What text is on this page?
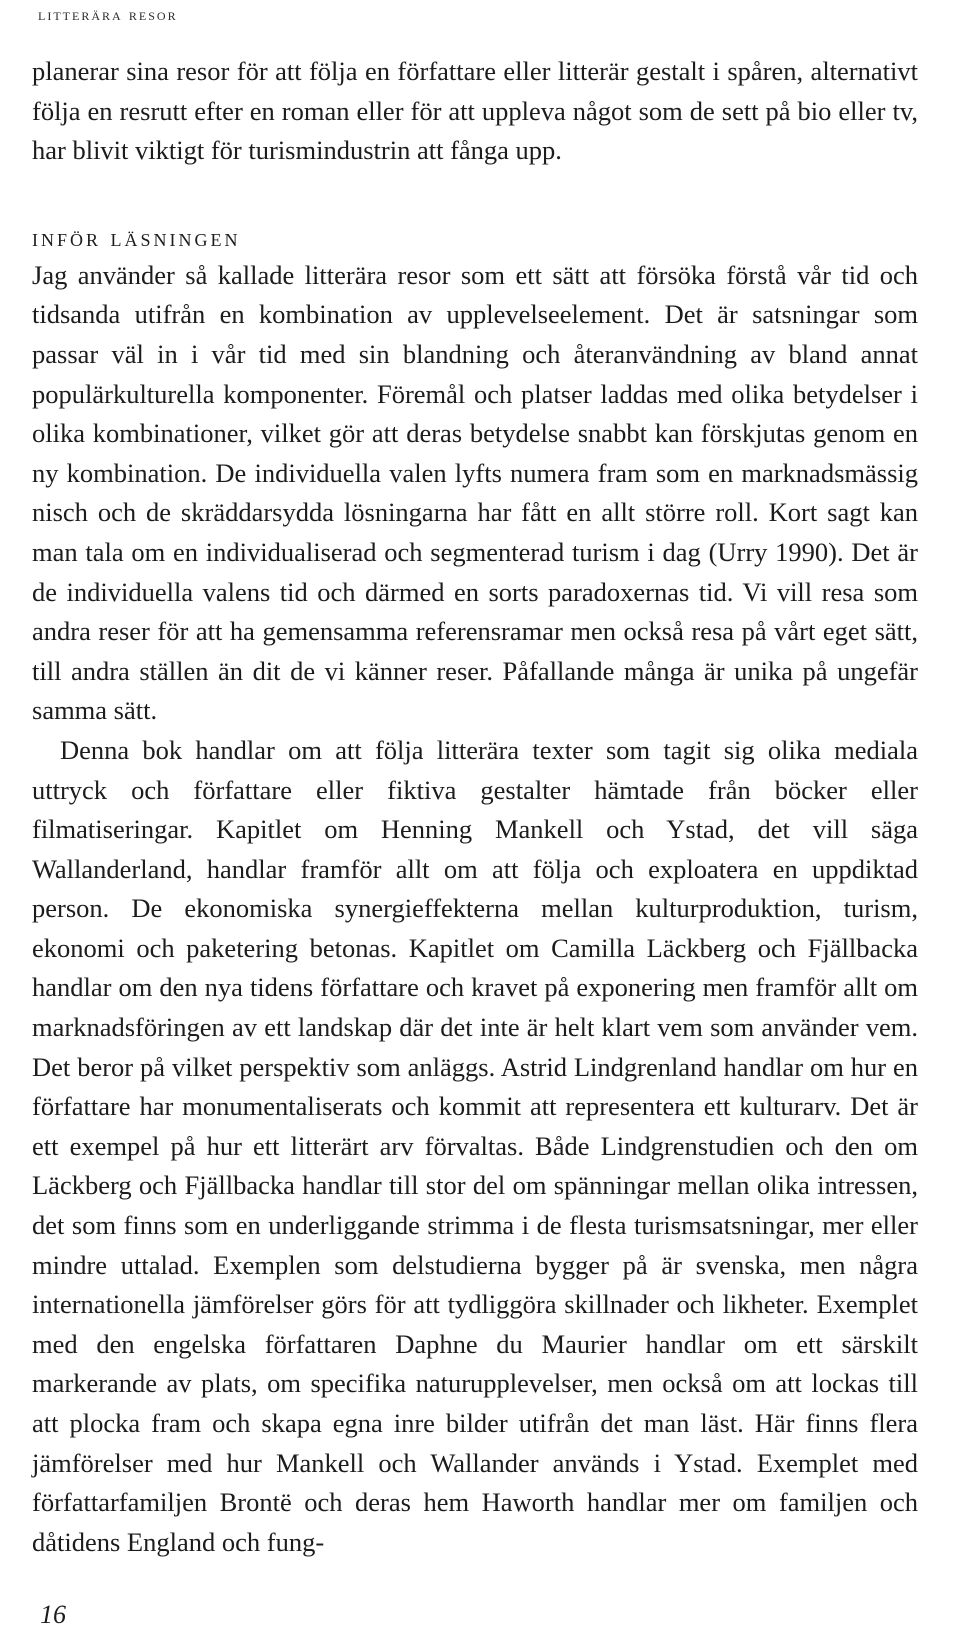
litterära resor

planerar sina resor för att följa en författare eller litterär gestalt i spåren, alternativt följa en resrutt efter en roman eller för att uppleva något som de sett på bio eller tv, har blivit viktigt för turismindustrin att fånga upp.

inför läsningen

Jag använder så kallade litterära resor som ett sätt att försöka förstå vår tid och tidsanda utifrån en kombination av upplevelseelement. Det är satsningar som passar väl in i vår tid med sin blandning och återanvändning av bland annat populärkulturella komponenter. Föremål och platser laddas med olika betydelser i olika kombinationer, vilket gör att deras betydelse snabbt kan förskjutas genom en ny kombination. De individuella valen lyfts numera fram som en marknadsmässig nisch och de skräddarsydda lösningarna har fått en allt större roll. Kort sagt kan man tala om en individualiserad och segmenterad turism i dag (Urry 1990). Det är de individuella valens tid och därmed en sorts paradoxernas tid. Vi vill resa som andra reser för att ha gemensamma referensramar men också resa på vårt eget sätt, till andra ställen än dit de vi känner reser. Påfallande många är unika på ungefär samma sätt.

Denna bok handlar om att följa litterära texter som tagit sig olika mediala uttryck och författare eller fiktiva gestalter hämtade från böcker eller filmatiseringar. Kapitlet om Henning Mankell och Ystad, det vill säga Wallanderland, handlar framför allt om att följa och exploatera en uppdiktad person. De ekonomiska synergieffekterna mellan kulturproduktion, turism, ekonomi och paketering betonas. Kapitlet om Camilla Läckberg och Fjällbacka handlar om den nya tidens författare och kravet på exponering men framför allt om marknadsföringen av ett landskap där det inte är helt klart vem som använder vem. Det beror på vilket perspektiv som anläggs. Astrid Lindgrenland handlar om hur en författare har monumentaliserats och kommit att representera ett kulturarv. Det är ett exempel på hur ett litterärt arv förvaltas. Både Lindgrenstudien och den om Läckberg och Fjällbacka handlar till stor del om spänningar mellan olika intressen, det som finns som en underliggande strimma i de flesta turismsatsningar, mer eller mindre uttalad. Exemplen som delstudierna bygger på är svenska, men några internationella jämförelser görs för att tydliggöra skillnader och likheter. Exemplet med den engelska författaren Daphne du Maurier handlar om ett särskilt markerande av plats, om specifika naturupplevelser, men också om att lockas till att plocka fram och skapa egna inre bilder utifrån det man läst. Här finns flera jämförelser med hur Mankell och Wallander används i Ystad. Exemplet med författarfamiljen Brontë och deras hem Haworth handlar mer om familjen och dåtidens England och fung-

16
